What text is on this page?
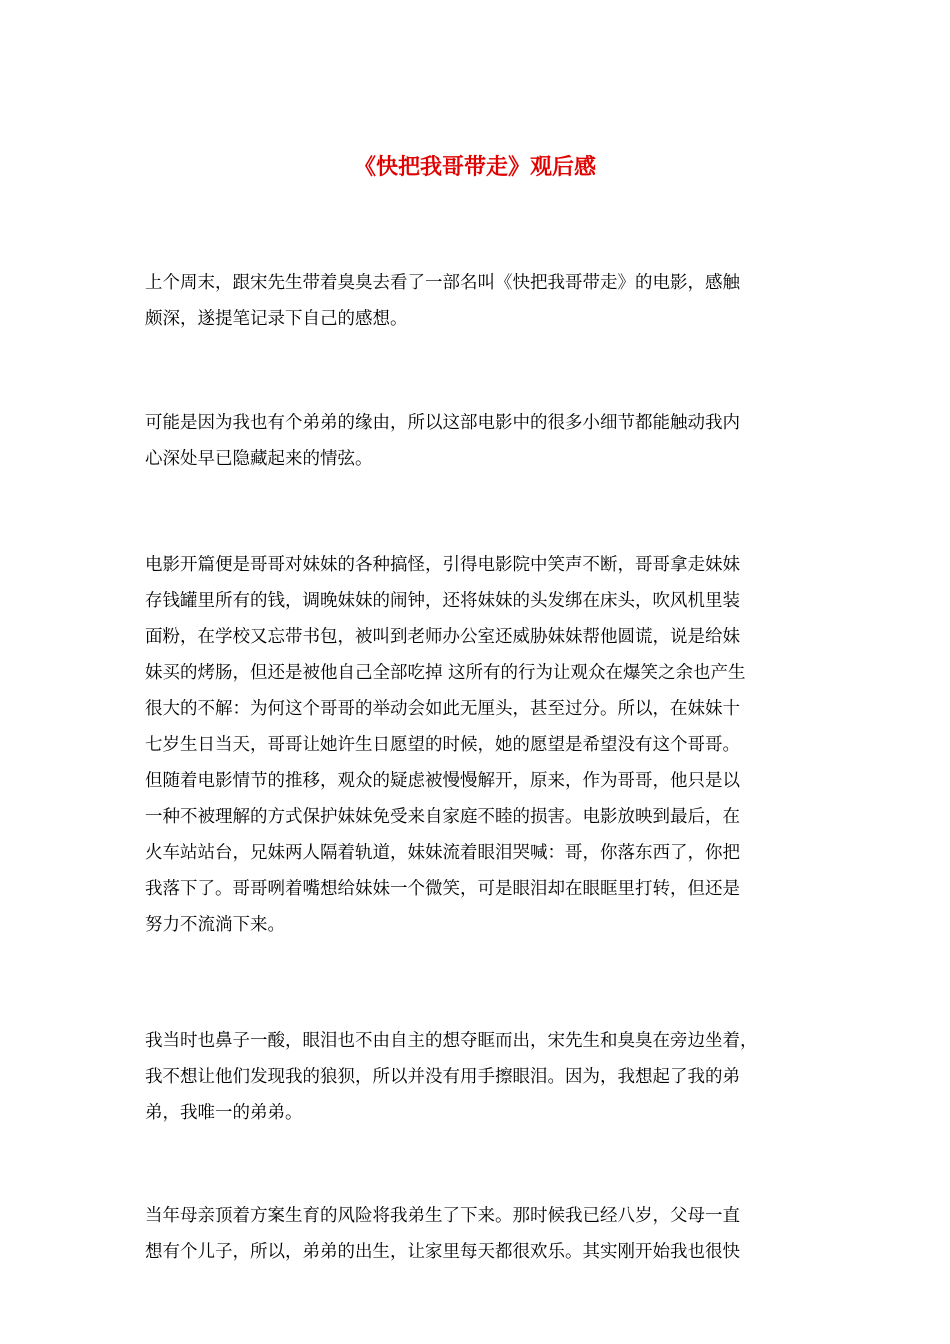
《快把我哥带走》观后感

上个周末，跟宋先生带着臭臭去看了一部名叫《快把我哥带走》的电影，感触
颇深，遂提笔记录下自己的感想。

可能是因为我也有个弟弟的缘由，所以这部电影中的很多小细节都能触动我内
心深处早已隐藏起来的情弦。

电影开篇便是哥哥对妹妹的各种搞怪，引得电影院中笑声不断，哥哥拿走妹妹
存钱罐里所有的钱，调晚妹妹的闹钟，还将妹妹的头发绑在床头，吹风机里装
面粉，在学校又忘带书包，被叫到老师办公室还威胁妹妹帮他圆谎，说是给妹
妹买的烤肠，但还是被他自己全部吃掉 这所有的行为让观众在爆笑之余也产生
很大的不解：为何这个哥哥的举动会如此无厘头，甚至过分。所以，在妹妹十
七岁生日当天，哥哥让她许生日愿望的时候，她的愿望是希望没有这个哥哥。
但随着电影情节的推移，观众的疑虑被慢慢解开，原来，作为哥哥，他只是以
一种不被理解的方式保护妹妹免受来自家庭不睦的损害。电影放映到最后，在
火车站站台，兄妹两人隔着轨道，妹妹流着眼泪哭喊：哥，你落东西了，你把
我落下了。哥哥咧着嘴想给妹妹一个微笑，可是眼泪却在眼眶里打转，但还是
努力不流淌下来。

我当时也鼻子一酸，眼泪也不由自主的想夺眶而出，宋先生和臭臭在旁边坐着，
我不想让他们发现我的狼狈，所以并没有用手擦眼泪。因为，我想起了我的弟
弟，我唯一的弟弟。

当年母亲顶着方案生育的风险将我弟生了下来。那时候我已经八岁，父母一直
想有个儿子，所以，弟弟的出生，让家里每天都很欢乐。其实刚开始我也很快
